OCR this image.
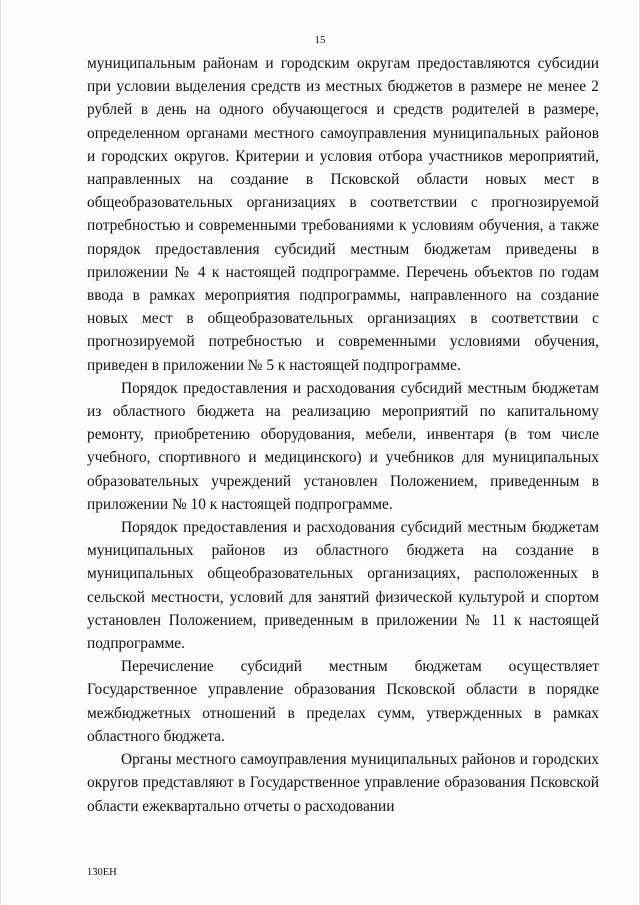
15

муниципальным районам и городским округам предоставляются субсидии при условии выделения средств из местных бюджетов в размере не менее 2 рублей в день на одного обучающегося и средств родителей в размере, определенном органами местного самоуправления муниципальных районов и городских округов. Критерии и условия отбора участников мероприятий, направленных на создание в Псковской области новых мест в общеобразовательных организациях в соответствии с прогнозируемой потребностью и современными требованиями к условиям обучения, а также порядок предоставления субсидий местным бюджетам приведены в приложении № 4 к настоящей подпрограмме. Перечень объектов по годам ввода в рамках мероприятия подпрограммы, направленного на создание новых мест в общеобразовательных организациях в соответствии с прогнозируемой потребностью и современными условиями обучения, приведен в приложении № 5 к настоящей подпрограмме.

Порядок предоставления и расходования субсидий местным бюджетам из областного бюджета на реализацию мероприятий по капитальному ремонту, приобретению оборудования, мебели, инвентаря (в том числе учебного, спортивного и медицинского) и учебников для муниципальных образовательных учреждений установлен Положением, приведенным в приложении № 10 к настоящей подпрограмме.

Порядок предоставления и расходования субсидий местным бюджетам муниципальных районов из областного бюджета на создание в муниципальных общеобразовательных организациях, расположенных в сельской местности, условий для занятий физической культурой и спортом установлен Положением, приведенным в приложении № 11 к настоящей подпрограмме.

Перечисление субсидий местным бюджетам осуществляет Государственное управление образования Псковской области в порядке межбюджетных отношений в пределах сумм, утвержденных в рамках областного бюджета.

Органы местного самоуправления муниципальных районов и городских округов представляют в Государственное управление образования Псковской области ежеквартально отчеты о расходовании

130ЕН
